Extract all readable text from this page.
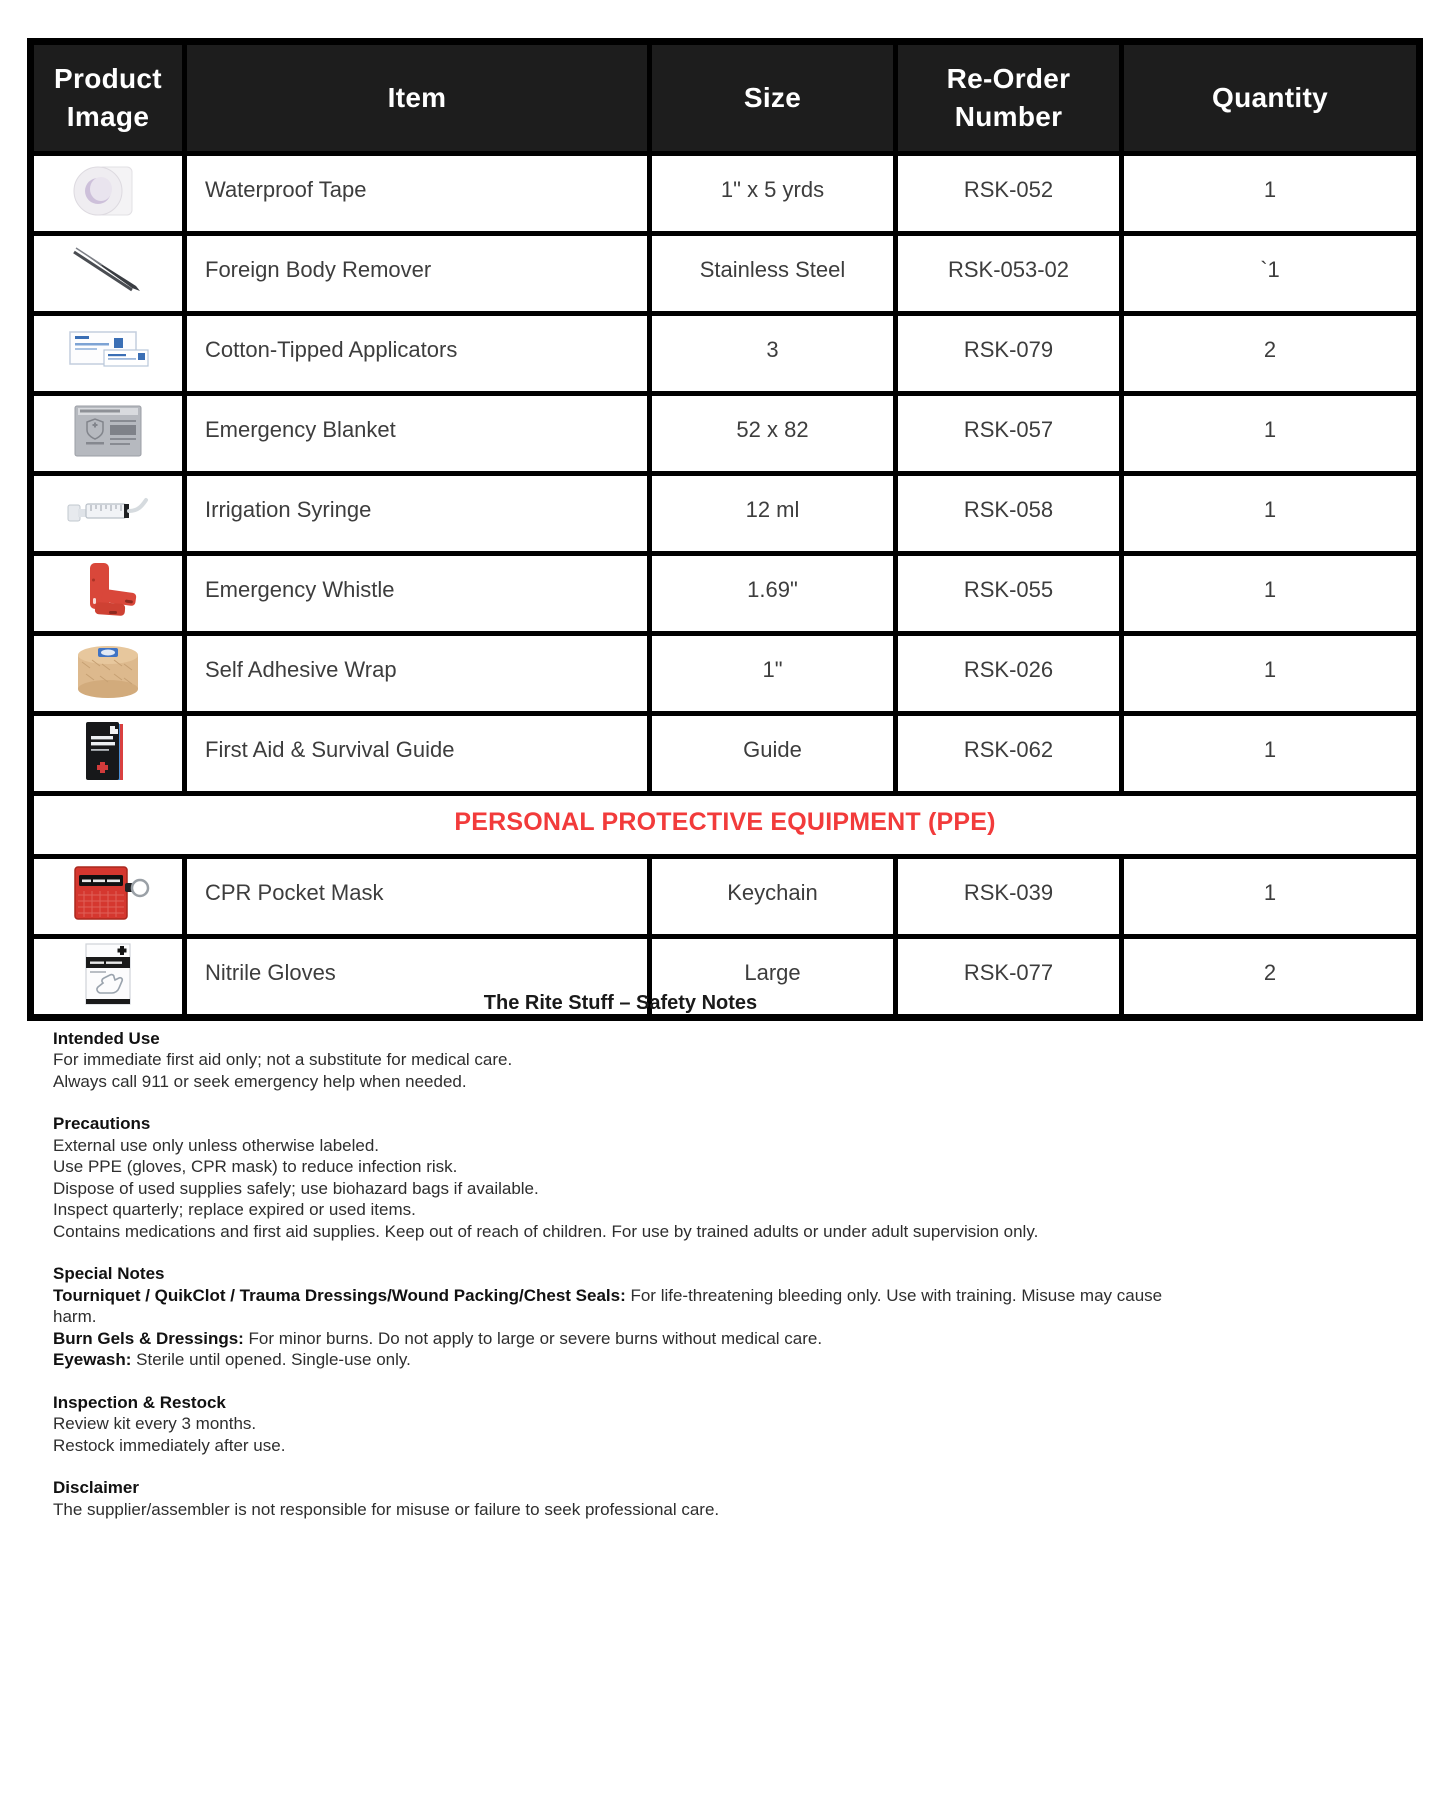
Product Image	Item	Size	Re-Order Number	Quantity

	Waterproof Tape	1" x 5 yrds	RSK-052	1

	Foreign Body Remover	Stainless Steel	RSK-053-02	`1

	Cotton-Tipped Applicators	3	RSK-079	2

	Emergency Blanket	52 x 82	RSK-057	1

	Irrigation Syringe	12 ml	RSK-058	1

	Emergency Whistle	1.69"	RSK-055	1

	Self Adhesive Wrap	1"	RSK-026	1

	First Aid & Survival Guide	Guide	RSK-062	1
PERSONAL PROTECTIVE EQUIPMENT (PPE)				

	CPR Pocket Mask	Keychain	RSK-039	1

	Nitrile Gloves	Large	RSK-077	2
The Rite Stuff – Safety Notes
Intended Use

For immediate first aid only; not a substitute for medical care.

Always call 911 or seek emergency help when needed.

Precautions

External use only unless otherwise labeled.

Use PPE (gloves, CPR mask) to reduce infection risk.

Dispose of used supplies safely; use biohazard bags if available.

Inspect quarterly; replace expired or used items.

Contains medications and first aid supplies. Keep out of reach of children. For use by trained adults or under adult supervision only.

Special Notes

Tourniquet / QuikClot / Trauma Dressings/Wound Packing/Chest Seals: For life-threatening bleeding only. Use with training. Misuse may cause harm.

Burn Gels & Dressings: For minor burns. Do not apply to large or severe burns without medical care.

Eyewash: Sterile until opened. Single-use only.

Inspection & Restock

Review kit every 3 months.

Restock immediately after use.

Disclaimer

The supplier/assembler is not responsible for misuse or failure to seek professional care.
